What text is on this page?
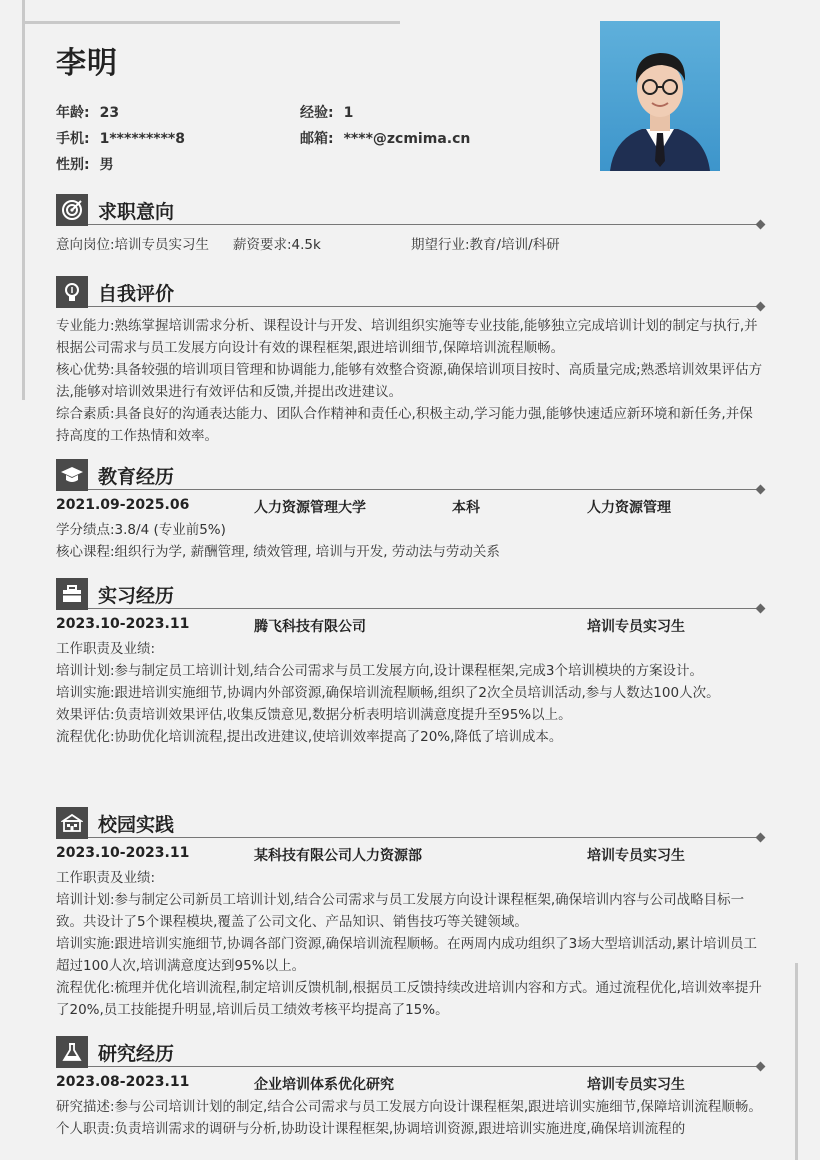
李明
年龄: 23	经验: 1
手机: 1*********8	邮箱: ****@zcmima.cn
性别: 男
求职意向
意向岗位:培训专员实习生 薪资要求:4.5k	期望行业:教育/培训/科研
自我评价

专业能力:熟练掌握培训需求分析、课程设计与开发、培训组织实施等专业技能,能够独立完成培训计划的制定与执行,并根据公司需求与员工发展方向设计有效的课程框架,跟进培训细节,保障培训流程顺畅。

核心优势:具备较强的培训项目管理和协调能力,能够有效整合资源,确保培训项目按时、高质量完成;熟悉培训效果评估方法,能够对培训效果进行有效评估和反馈,并提出改进建议。

综合素质:具备良好的沟通表达能力、团队合作精神和责任心,积极主动,学习能力强,能够快速适应新环境和新任务,并保持高度的工作热情和效率。

教育经历
2021.09-2025.06	人力资源管理大学	本科	人力资源管理

学分绩点:3.8/4 (专业前5%)

核心课程:组织行为学, 薪酬管理, 绩效管理, 培训与开发, 劳动法与劳动关系

实习经历
2023.10-2023.11	腾飞科技有限公司	培训专员实习生

工作职责及业绩:

培训计划:参与制定员工培训计划,结合公司需求与员工发展方向,设计课程框架,完成3个培训模块的方案设计。

培训实施:跟进培训实施细节,协调内外部资源,确保培训流程顺畅,组织了2次全员培训活动,参与人数达100人次。

效果评估:负责培训效果评估,收集反馈意见,数据分析表明培训满意度提升至95%以上。

流程优化:协助优化培训流程,提出改进建议,使培训效率提高了20%,降低了培训成本。

校园实践
2023.10-2023.11	某科技有限公司人力资源部	培训专员实习生

工作职责及业绩:

培训计划:参与制定公司新员工培训计划,结合公司需求与员工发展方向设计课程框架,确保培训内容与公司战略目标一致。共设计了5个课程模块,覆盖了公司文化、产品知识、销售技巧等关键领域。

培训实施:跟进培训实施细节,协调各部门资源,确保培训流程顺畅。在两周内成功组织了3场大型培训活动,累计培训员工超过100人次,培训满意度达到95%以上。

流程优化:梳理并优化培训流程,制定培训反馈机制,根据员工反馈持续改进培训内容和方式。通过流程优化,培训效率提升了20%,员工技能提升明显,培训后员工绩效考核平均提高了15%。

研究经历
2023.08-2023.11	企业培训体系优化研究	培训专员实习生

研究描述:参与公司培训计划的制定,结合公司需求与员工发展方向设计课程框架,跟进培训实施细节,保障培训流程顺畅。

个人职责:负责培训需求的调研与分析,协助设计课程框架,协调培训资源,跟进培训实施进度,确保培训流程的
